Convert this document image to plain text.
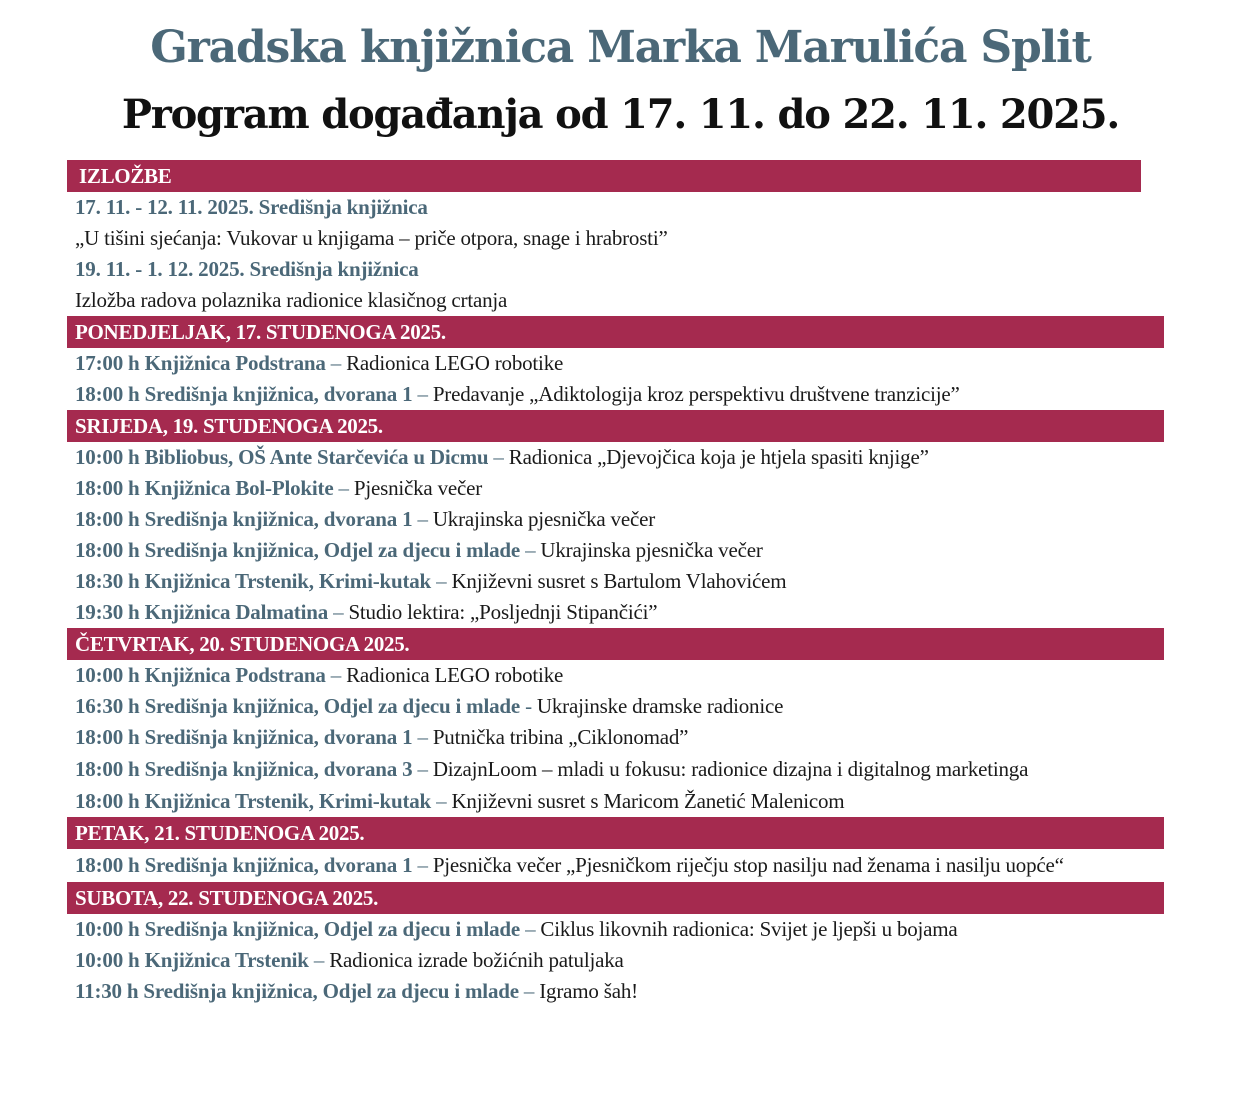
Gradska knjižnica Marka Marulića Split
Program događanja od 17. 11. do 22. 11. 2025.
IZLOŽBE
17. 11. - 12. 11. 2025. Središnja knjižnica
„U tišini sjećanja: Vukovar u knjigama – priče otpora, snage i hrabrosti”
19. 11. - 1. 12. 2025. Središnja knjižnica
Izložba radova polaznika radionice klasičnog crtanja
PONEDJELJAK, 17. STUDENOGA 2025.
17:00 h Knjižnica Podstrana – Radionica LEGO robotike
18:00 h Središnja knjižnica, dvorana 1 – Predavanje „Adiktologija kroz perspektivu društvene tranzicije”
SRIJEDA, 19. STUDENOGA 2025.
10:00 h Bibliobus, OŠ Ante Starčevića u Dicmu – Radionica „Djevojčica koja je htjela spasiti knjige”
18:00 h Knjižnica Bol-Plokite – Pjesnička večer
18:00 h Središnja knjižnica, dvorana 1 – Ukrajinska pjesnička večer
18:00 h Središnja knjižnica, Odjel za djecu i mlade – Ukrajinska pjesnička večer
18:30 h Knjižnica Trstenik, Krimi-kutak – Književni susret s Bartulom Vlahovićem
19:30 h Knjižnica Dalmatina – Studio lektira: „Posljednji Stipančići”
ČETVRTAK, 20. STUDENOGA 2025.
10:00 h Knjižnica Podstrana – Radionica LEGO robotike
16:30 h Središnja knjižnica, Odjel za djecu i mlade - Ukrajinske dramske radionice
18:00 h Središnja knjižnica, dvorana 1 – Putnička tribina „Ciklonomad”
18:00 h Središnja knjižnica, dvorana 3 – DizajnLoom – mladi u fokusu: radionice dizajna i digitalnog marketinga
18:00 h Knjižnica Trstenik, Krimi-kutak – Književni susret s Maricom Žanetić Malenicom
PETAK, 21. STUDENOGA 2025.
18:00 h Središnja knjižnica, dvorana 1 – Pjesnička večer „Pjesničkom riječju stop nasilju nad ženama i nasilju uopće“
SUBOTA, 22. STUDENOGA 2025.
10:00 h Središnja knjižnica, Odjel za djecu i mlade – Ciklus likovnih radionica: Svijet je ljepši u bojama
10:00 h Knjižnica Trstenik – Radionica izrade božićnih patuljaka
11:30 h Središnja knjižnica, Odjel za djecu i mlade – Igramo šah!
